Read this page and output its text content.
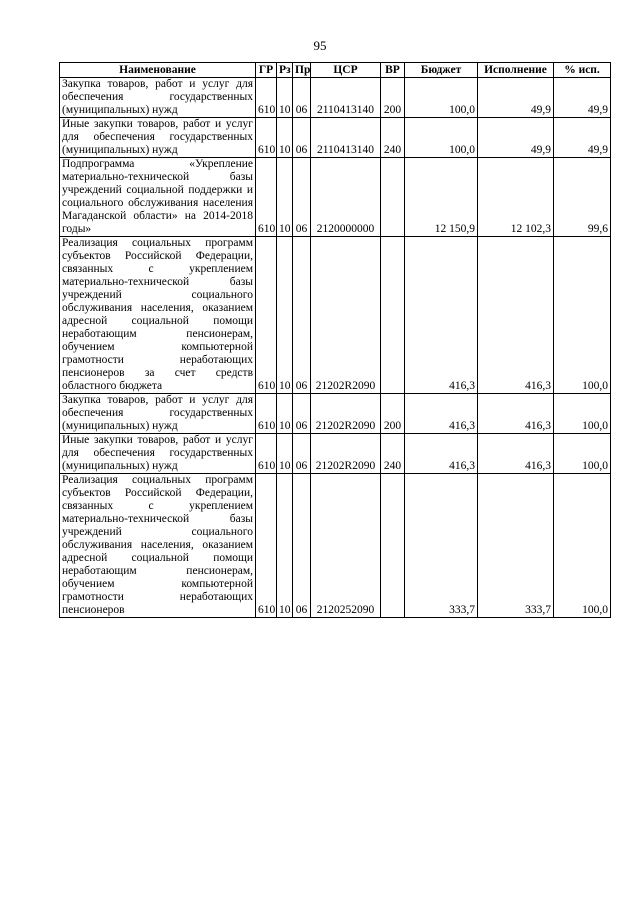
95
Наименование	ГР	Рз	Пр	ЦСР	ВР	Бюджет	Исполнение	% исп.
Закупка товаров, работ и услуг для обеспечения государственных (муниципальных) нужд	610	10	06	2110413140	200	100,0	49,9	49,9
Иные закупки товаров, работ и услуг для обеспечения государственных (муниципальных) нужд	610	10	06	2110413140	240	100,0	49,9	49,9
Подпрограмма «Укрепление материально-технической базы учреждений социальной поддержки и социального обслуживания населения Магаданской области» на 2014-2018 годы»	610	10	06	2120000000		12 150,9	12 102,3	99,6
Реализация социальных программ субъектов Российской Федерации, связанных с укреплением материально-технической базы учреждений социального обслуживания населения, оказанием адресной социальной помощи неработающим пенсионерам, обучением компьютерной грамотности неработающих пенсионеров за счет средств областного бюджета	610	10	06	21202R2090		416,3	416,3	100,0
Закупка товаров, работ и услуг для обеспечения государственных (муниципальных) нужд	610	10	06	21202R2090	200	416,3	416,3	100,0
Иные закупки товаров, работ и услуг для обеспечения государственных (муниципальных) нужд	610	10	06	21202R2090	240	416,3	416,3	100,0
Реализация социальных программ субъектов Российской Федерации, связанных с укреплением материально-технической базы учреждений социального обслуживания населения, оказанием адресной социальной помощи неработающим пенсионерам, обучением компьютерной грамотности неработающих пенсионеров	610	10	06	2120252090		333,7	333,7	100,0
